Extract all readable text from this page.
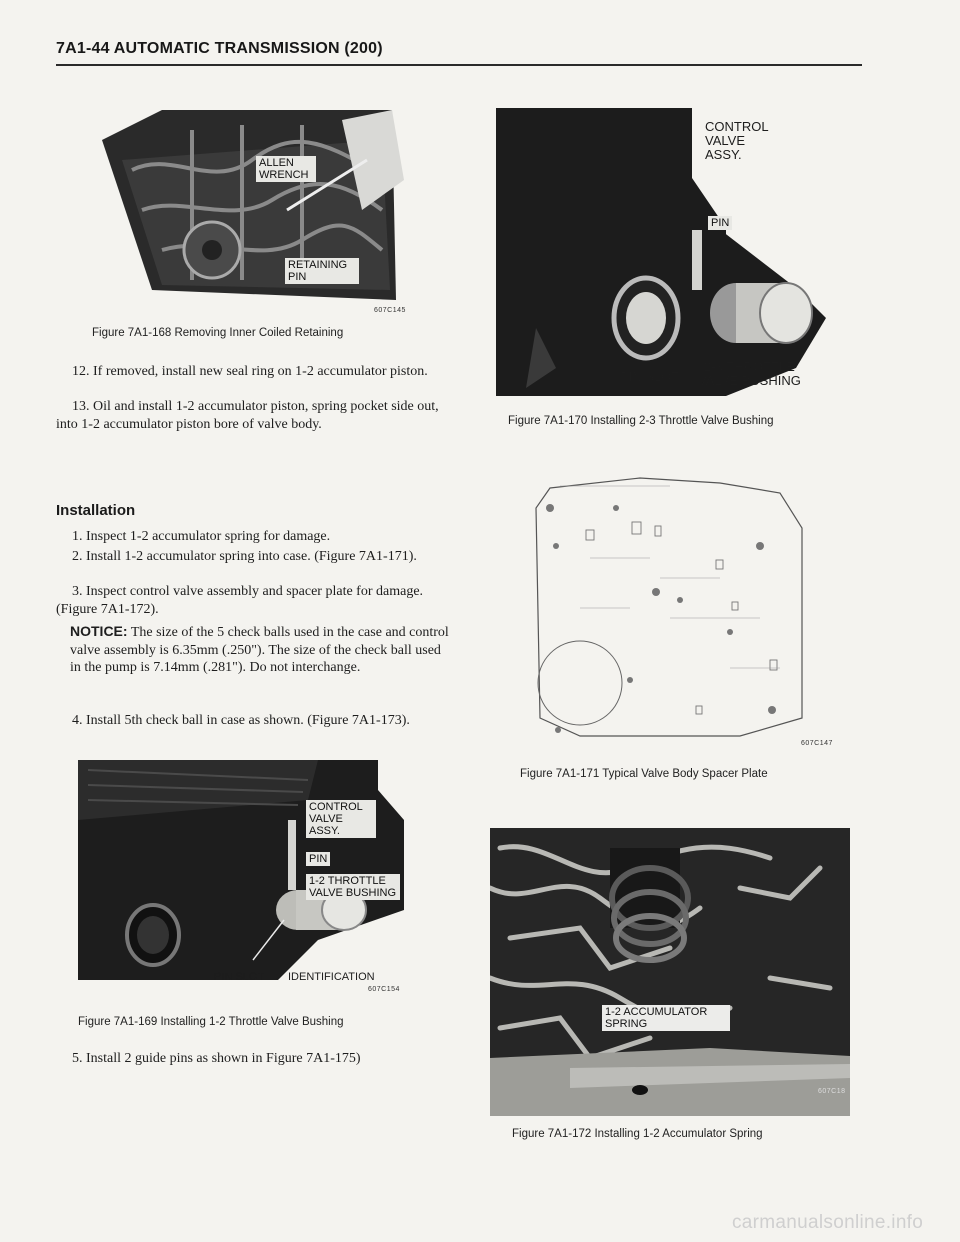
7A1-44 AUTOMATIC TRANSMISSION (200)
ALLEN
WRENCH
RETAINING
PIN
607C145
Figure 7A1-168 Removing Inner Coiled Retaining
12. If removed, install new seal ring on 1-2 accumulator piston.
13. Oil and install 1-2 accumulator piston, spring pocket side out, into 1-2 accumulator piston bore of valve body.
Installation
1. Inspect 1-2 accumulator spring for damage.
2. Install 1-2 accumulator spring into case. (Figure 7A1-171).
3. Inspect control valve assembly and spacer plate for damage. (Figure 7A1-172).
NOTICE: The size of the 5 check balls used in the case and control valve assembly is 6.35mm (.250"). The size of the check ball used in the pump is 7.14mm (.281"). Do not interchange.
4. Install 5th check ball in case as shown. (Figure 7A1-173).
CONTROL
VALVE
ASSY.
PIN
1-2 THROTTLE
VALVE BUSHING
PIN SLOT IDENTIFICATION
607C154
Figure 7A1-169 Installing 1-2 Throttle Valve Bushing
5. Install 2 guide pins as shown in Figure 7A1-175)
CONTROL
VALVE
ASSY.
PIN
PIN SLOT
2-3 THROTTLE
VALVE BUSHING
Figure 7A1-170 Installing 2-3 Throttle Valve Bushing
607C147
Figure 7A1-171 Typical Valve Body Spacer Plate
1-2 ACCUMULATOR
SPRING
607C18
Figure 7A1-172 Installing 1-2 Accumulator Spring
carmanualsonline.info
